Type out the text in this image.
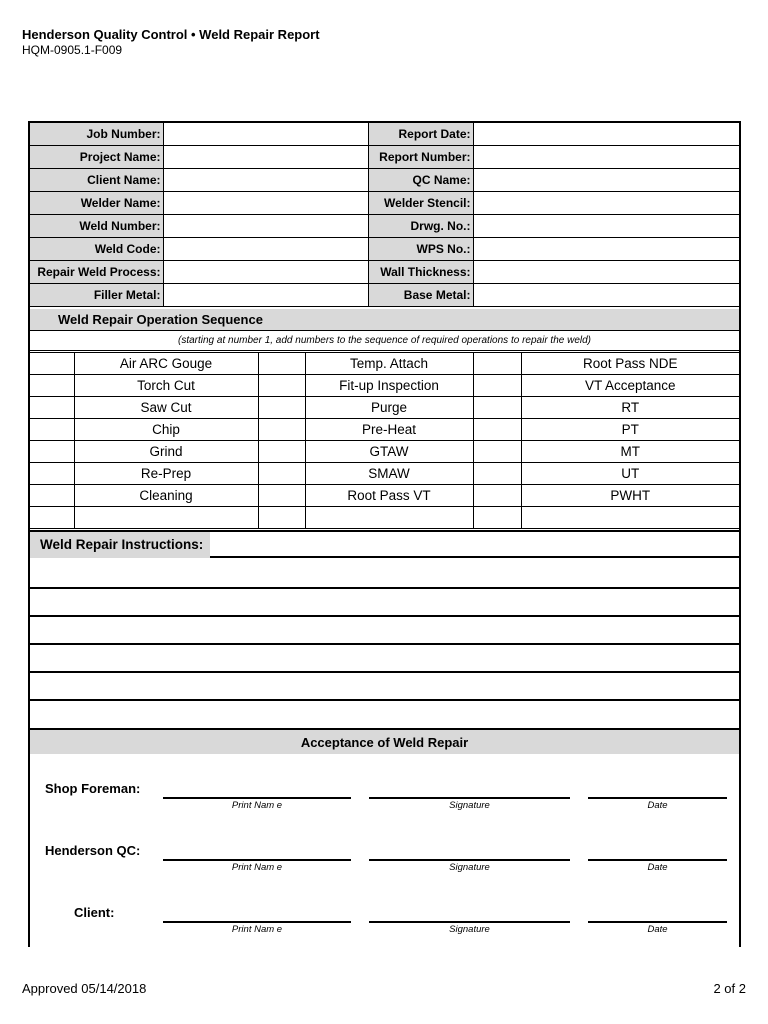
Henderson Quality Control • Weld Repair Report
HQM-0905.1-F009
Job Number:		Report Date:	
Project Name:		Report Number:	
Client Name:		QC Name:	
Welder Name:		Welder Stencil:	
Weld Number:		Drwg. No.:	
Weld Code:		WPS No.:	
Repair Weld Process:		Wall Thickness:	
Filler Metal:		Base Metal:	
Weld Repair Operation Sequence
(starting at number 1, add numbers to the sequence of required operations to repair the weld)
	Air ARC Gouge		Temp. Attach		Root Pass NDE
	Torch Cut		Fit-up Inspection		VT Acceptance
	Saw Cut		Purge		RT
	Chip		Pre-Heat		PT
	Grind		GTAW		MT
	Re-Prep		SMAW		UT
	Cleaning		Root Pass VT		PWHT

Weld Repair Instructions:
Acceptance of Weld Repair
Shop Foreman:
Print Nam e	Signature	Date
Henderson QC:
Print Nam e	Signature	Date
Client:
Print Nam e	Signature	Date
Approved 05/14/2018	2 of 2
